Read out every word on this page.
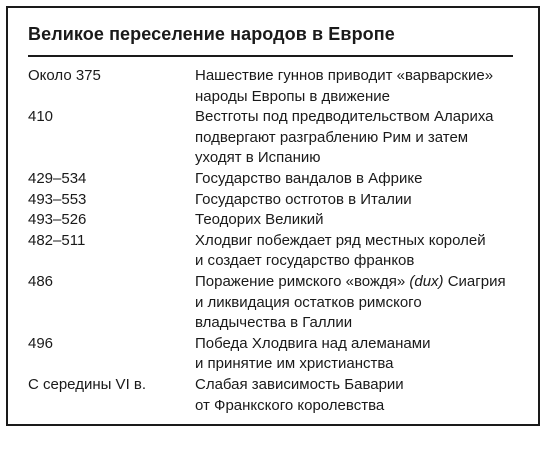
Великое переселение народов в Европе
Около 375	Нашествие гуннов приводит «варварские»
народы Европы в движение
410	Вестготы под предводительством Алариха
подвергают разграблению Рим и затем
уходят в Испанию
429–534	Государство вандалов в Африке
493–553	Государство остготов в Италии
493–526	Теодорих Великий
482–511	Хлодвиг побеждает ряд местных королей
и создает государство франков
486	Поражение римского «вождя» (dux) Сиагрия
и ликвидация остатков римского
владычества в Галлии
496	Победа Хлодвига над алеманами
и принятие им христианства
С середины VI в.	Слабая зависимость Баварии
от Франкского королевства
